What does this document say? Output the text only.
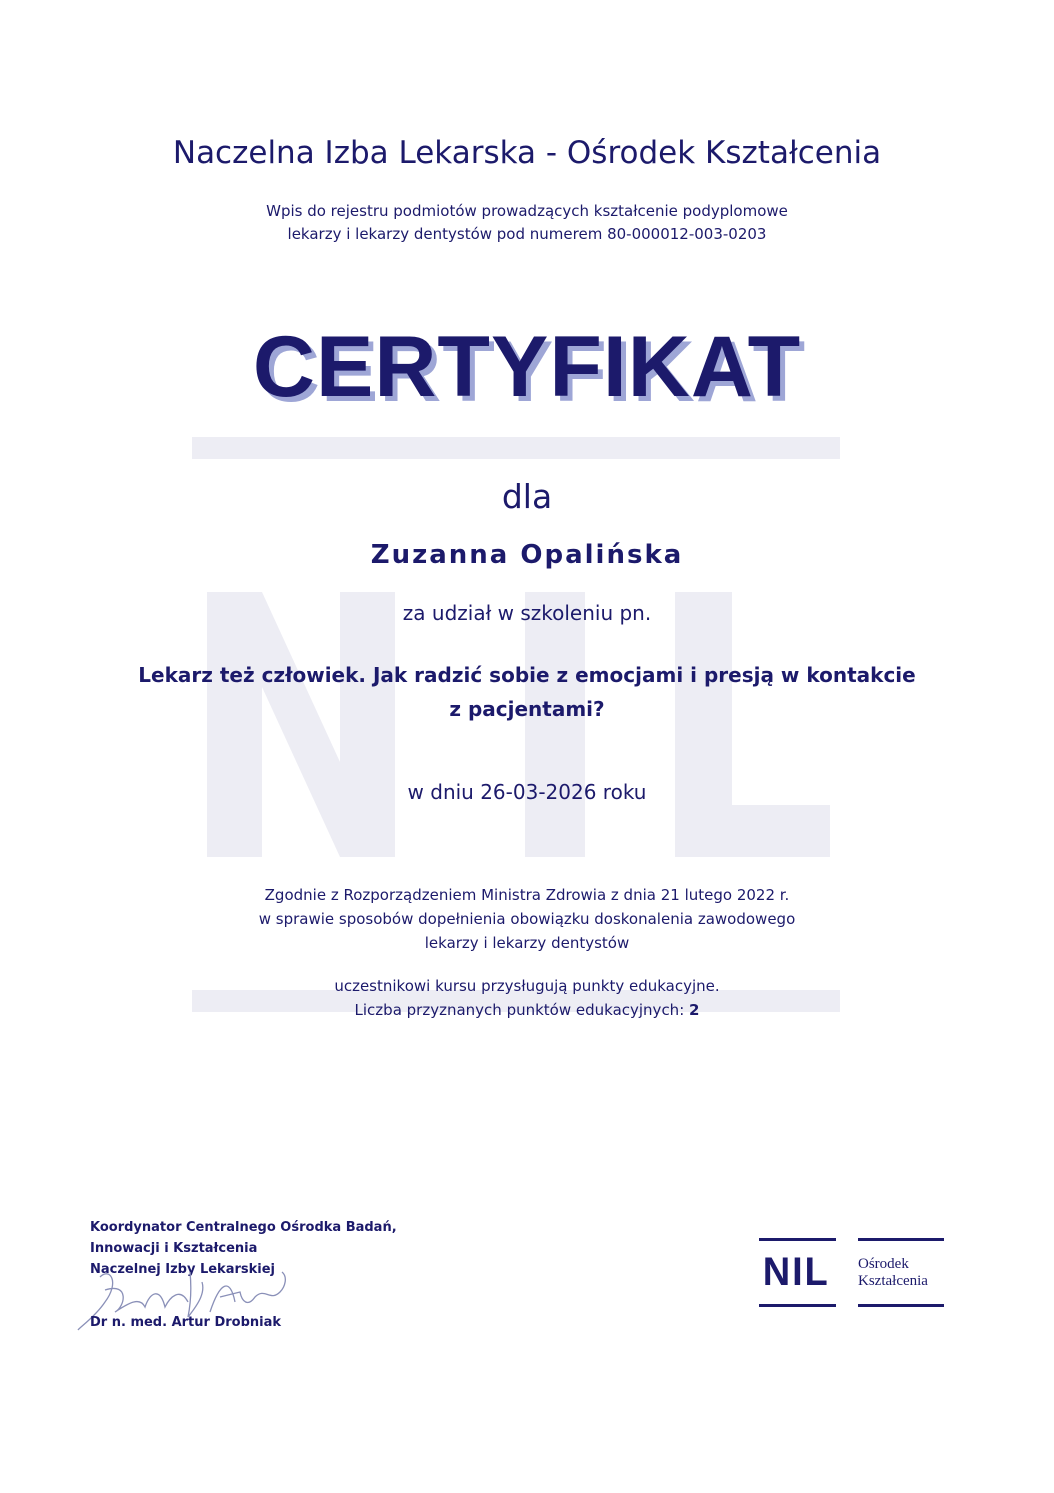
Naczelna Izba Lekarska - Ośrodek Kształcenia
Wpis do rejestru podmiotów prowadzących kształcenie podyplomowe
lekarzy i lekarzy dentystów pod numerem 80-000012-003-0203
CERTYFIKAT
dla
Zuzanna Opalińska
za udział w szkoleniu pn.
Lekarz też człowiek. Jak radzić sobie z emocjami i presją w kontakcie
z pacjentami?
w dniu 26-03-2026 roku
Zgodnie z Rozporządzeniem Ministra Zdrowia z dnia 21 lutego 2022 r.
w sprawie sposobów dopełnienia obowiązku doskonalenia zawodowego
lekarzy i lekarzy dentystów
uczestnikowi kursu przysługują punkty edukacyjne.
Liczba przyznanych punktów edukacyjnych: 2
Koordynator Centralnego Ośrodka Badań,
Innowacji i Kształcenia
Naczelnej Izby Lekarskiej
Dr n. med. Artur Drobniak
NIL Ośrodek
Kształcenia
